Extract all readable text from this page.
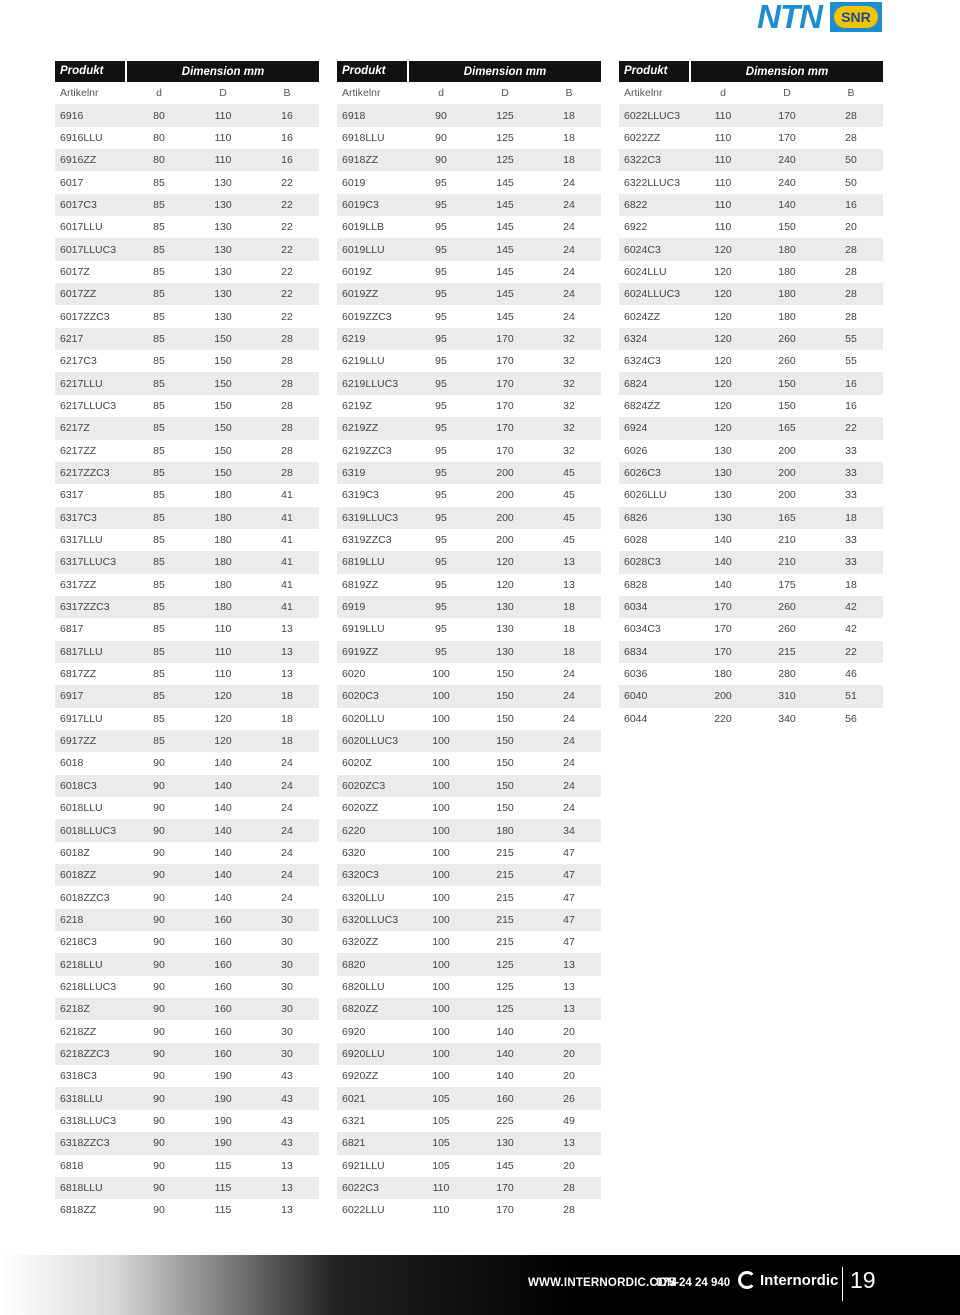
NTN	SNR
Produkt	Dimension mm
Artikelnr	d	D	B
6916	80	110	16
6916LLU	80	110	16
6916ZZ	80	110	16
6017	85	130	22
6017C3	85	130	22
6017LLU	85	130	22
6017LLUC3	85	130	22
6017Z	85	130	22
6017ZZ	85	130	22
6017ZZC3	85	130	22
6217	85	150	28
6217C3	85	150	28
6217LLU	85	150	28
6217LLUC3	85	150	28
6217Z	85	150	28
6217ZZ	85	150	28
6217ZZC3	85	150	28
6317	85	180	41
6317C3	85	180	41
6317LLU	85	180	41
6317LLUC3	85	180	41
6317ZZ	85	180	41
6317ZZC3	85	180	41
6817	85	110	13
6817LLU	85	110	13
6817ZZ	85	110	13
6917	85	120	18
6917LLU	85	120	18
6917ZZ	85	120	18
6018	90	140	24
6018C3	90	140	24
6018LLU	90	140	24
6018LLUC3	90	140	24
6018Z	90	140	24
6018ZZ	90	140	24
6018ZZC3	90	140	24
6218	90	160	30
6218C3	90	160	30
6218LLU	90	160	30
6218LLUC3	90	160	30
6218Z	90	160	30
6218ZZ	90	160	30
6218ZZC3	90	160	30
6318C3	90	190	43
6318LLU	90	190	43
6318LLUC3	90	190	43
6318ZZC3	90	190	43
6818	90	115	13
6818LLU	90	115	13
6818ZZ	90	115	13
Produkt	Dimension mm
Artikelnr	d	D	B
6918	90	125	18
6918LLU	90	125	18
6918ZZ	90	125	18
6019	95	145	24
6019C3	95	145	24
6019LLB	95	145	24
6019LLU	95	145	24
6019Z	95	145	24
6019ZZ	95	145	24
6019ZZC3	95	145	24
6219	95	170	32
6219LLU	95	170	32
6219LLUC3	95	170	32
6219Z	95	170	32
6219ZZ	95	170	32
6219ZZC3	95	170	32
6319	95	200	45
6319C3	95	200	45
6319LLUC3	95	200	45
6319ZZC3	95	200	45
6819LLU	95	120	13
6819ZZ	95	120	13
6919	95	130	18
6919LLU	95	130	18
6919ZZ	95	130	18
6020	100	150	24
6020C3	100	150	24
6020LLU	100	150	24
6020LLUC3	100	150	24
6020Z	100	150	24
6020ZC3	100	150	24
6020ZZ	100	150	24
6220	100	180	34
6320	100	215	47
6320C3	100	215	47
6320LLU	100	215	47
6320LLUC3	100	215	47
6320ZZ	100	215	47
6820	100	125	13
6820LLU	100	125	13
6820ZZ	100	125	13
6920	100	140	20
6920LLU	100	140	20
6920ZZ	100	140	20
6021	105	160	26
6321	105	225	49
6821	105	130	13
6921LLU	105	145	20
6022C3	110	170	28
6022LLU	110	170	28
Produkt	Dimension mm
Artikelnr	d	D	B
6022LLUC3	110	170	28
6022ZZ	110	170	28
6322C3	110	240	50
6322LLUC3	110	240	50
6822	110	140	16
6922	110	150	20
6024C3	120	180	28
6024LLU	120	180	28
6024LLUC3	120	180	28
6024ZZ	120	180	28
6324	120	260	55
6324C3	120	260	55
6824	120	150	16
6824ZZ	120	150	16
6924	120	165	22
6026	130	200	33
6026C3	130	200	33
6026LLU	130	200	33
6826	130	165	18
6028	140	210	33
6028C3	140	210	33
6828	140	175	18
6034	170	260	42
6034C3	170	260	42
6834	170	215	22
6036	180	280	46
6040	200	310	51
6044	220	340	56
WWW.INTERNORDIC.COM
075-24 24 940 Internordic 19
